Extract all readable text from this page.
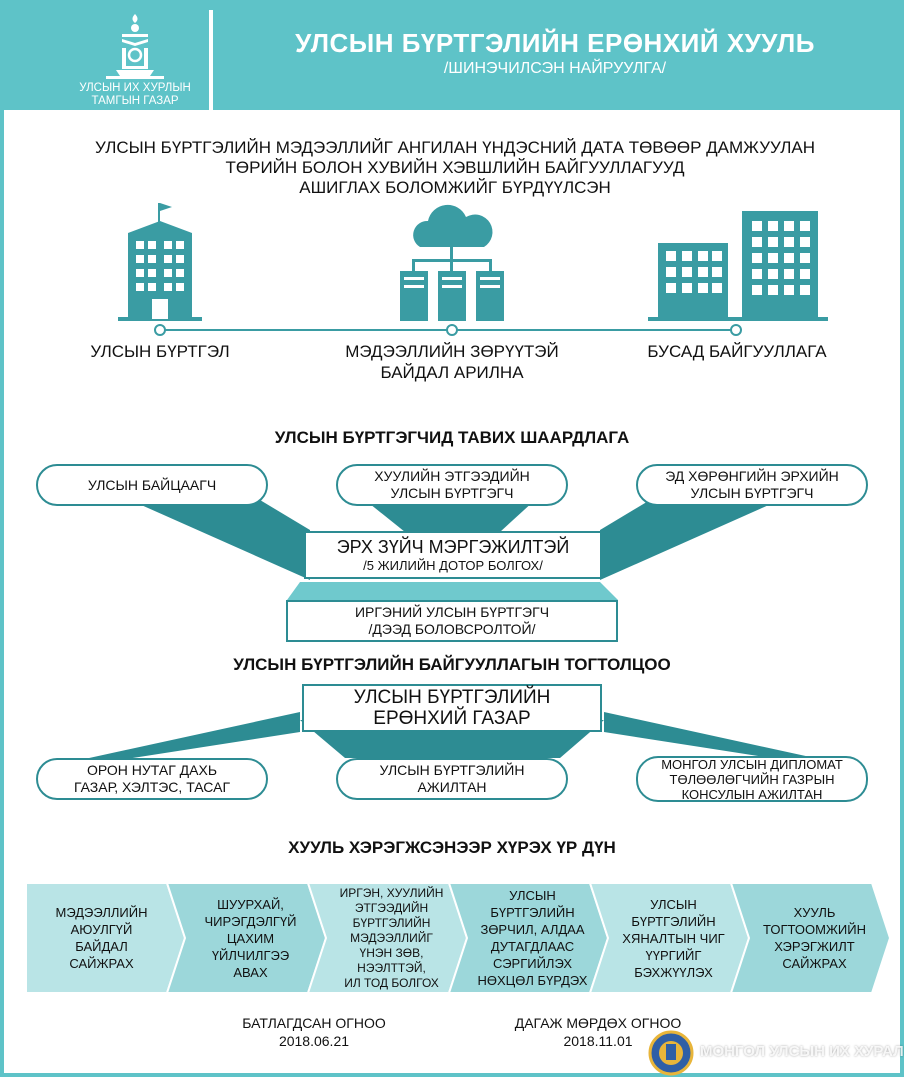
УЛСЫН ИХ ХУРЛЫН
ТАМГЫН ГАЗАР
УЛСЫН БҮРТГЭЛИЙН ЕРӨНХИЙ ХУУЛЬ
/ШИНЭЧИЛСЭН НАЙРУУЛГА/
УЛСЫН БҮРТГЭЛИЙН МЭДЭЭЛЛИЙГ АНГИЛАН ҮНДЭСНИЙ ДАТА ТӨВӨӨР ДАМЖУУЛАН
ТӨРИЙН БОЛОН ХУВИЙН ХЭВШЛИЙН БАЙГУУЛЛАГУУД
АШИГЛАХ БОЛОМЖИЙГ БҮРДҮҮЛСЭН
УЛСЫН БҮРТГЭЛ	МЭДЭЭЛЛИЙН ЗӨРҮҮТЭЙ
БАЙДАЛ АРИЛНА
БУСАД БАЙГУУЛЛАГА
УЛСЫН БҮРТГЭГЧИД ТАВИХ ШААРДЛАГА
УЛСЫН БАЙЦААГЧ
ХУУЛИЙН ЭТГЭЭДИЙН
УЛСЫН БҮРТГЭГЧ
ЭД ХӨРӨНГИЙН ЭРХИЙН
УЛСЫН БҮРТГЭГЧ
ЭРХ ЗҮЙЧ МЭРГЭЖИЛТЭЙ
/5 ЖИЛИЙН ДОТОР БОЛГОХ/
ИРГЭНИЙ УЛСЫН БҮРТГЭГЧ
/ДЭЭД БОЛОВСРОЛТОЙ/
УЛСЫН БҮРТГЭЛИЙН БАЙГУУЛЛАГЫН ТОГТОЛЦОО
УЛСЫН БҮРТГЭЛИЙН
ЕРӨНХИЙ ГАЗАР
ОРОН НУТАГ ДАХЬ
ГАЗАР, ХЭЛТЭС, ТАСАГ
УЛСЫН БҮРТГЭЛИЙН
АЖИЛТАН
МОНГОЛ УЛСЫН ДИПЛОМАТ
ТӨЛӨӨЛӨГЧИЙН ГАЗРЫН
КОНСУЛЫН АЖИЛТАН
ХУУЛЬ ХЭРЭГЖСЭНЭЭР ХҮРЭХ ҮР ДҮН
МЭДЭЭЛЛИЙН
АЮУЛГҮЙ
БАЙДАЛ
САЙЖРАХ
ШУУРХАЙ,
ЧИРЭГДЭЛГҮЙ
ЦАХИМ
ҮЙЛЧИЛГЭЭ
АВАХ
ИРГЭН, ХУУЛИЙН
ЭТГЭЭДИЙН
БҮРТГЭЛИЙН
МЭДЭЭЛЛИЙГ
ҮНЭН ЗӨВ, НЭЭЛТТЭЙ,
ИЛ ТОД БОЛГОХ
УЛСЫН БҮРТГЭЛИЙН
ЗӨРЧИЛ, АЛДАА
ДУТАГДЛААС
СЭРГИЙЛЭХ
НӨХЦӨЛ БҮРДЭХ
УЛСЫН
БҮРТГЭЛИЙН
ХЯНАЛТЫН ЧИГ
ҮҮРГИЙГ
БЭХЖҮҮЛЭХ
ХУУЛЬ
ТОГТООМЖИЙН
ХЭРЭГЖИЛТ
САЙЖРАХ
БАТЛАГДСАН ОГНОО
2018.06.21
ДАГАЖ МӨРДӨХ ОГНОО
2018.11.01
МОНГОЛ УЛСЫН ИХ ХУРАЛ
